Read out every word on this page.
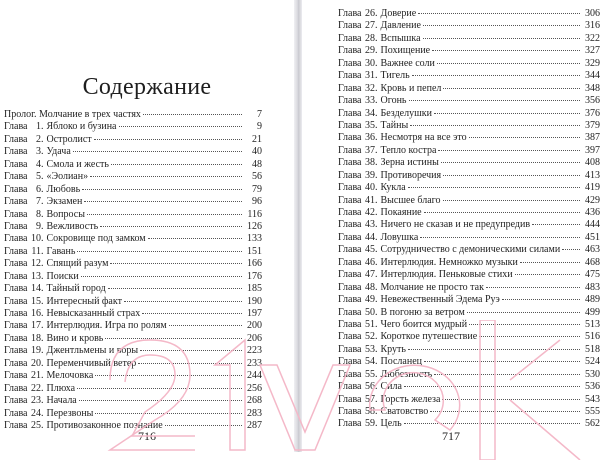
Содержание
Пролог. Молчание в трех частях	7
Глава 1. Яблоко и бузина	9
Глава 2. Остролист	21
Глава 3. Удача	40
Глава 4. Смола и жесть	48
Глава 5. «Эолиан»	56
Глава 6. Любовь	79
Глава 7. Экзамен	96
Глава 8. Вопросы	116
Глава 9. Вежливость	126
Глава 10. Сокровище под замком	133
Глава 11. Гавань	151
Глава 12. Спящий разум	166
Глава 13. Поиски	176
Глава 14. Тайный город	185
Глава 15. Интересный факт	190
Глава 16. Невысказанный страх	197
Глава 17. Интерлюдия. Игра по ролям	200
Глава 18. Вино и кровь	206
Глава 19. Джентльмены и воры	223
Глава 20. Переменчивый ветер	233
Глава 21. Мелочовка	244
Глава 22. Плюха	256
Глава 23. Начала	268
Глава 24. Перезвоны	283
Глава 25. Противозаконное познание	287
716
Глава 26. Доверие	306
Глава 27. Давление	316
Глава 28. Вспышка	322
Глава 29. Похищение	327
Глава 30. Важнее соли	329
Глава 31. Тигель	344
Глава 32. Кровь и пепел	348
Глава 33. Огонь	356
Глава 34. Безделушки	376
Глава 35. Тайны	379
Глава 36. Несмотря на все это	387
Глава 37. Тепло костра	397
Глава 38. Зерна истины	408
Глава 39. Противоречия	413
Глава 40. Кукла	419
Глава 41. Высшее благо	429
Глава 42. Покаяние	436
Глава 43. Ничего не сказав и не предупредив	444
Глава 44. Ловушка	451
Глава 45. Сотрудничество с демоническими силами	463
Глава 46. Интерлюдия. Немножко музыки	468
Глава 47. Интерлюдия. Пеньковые стихи	475
Глава 48. Молчание не просто так	483
Глава 49. Невежественный Эдема Руэ	489
Глава 50. В погоню за ветром	499
Глава 51. Чего боится мудрый	513
Глава 52. Короткое путешествие	516
Глава 53. Круть	518
Глава 54. Посланец	524
Глава 55. Любезность	530
Глава 56. Сила	536
Глава 57. Горсть железа	543
Глава 58. Сватовство	555
Глава 59. Цель	562
717
